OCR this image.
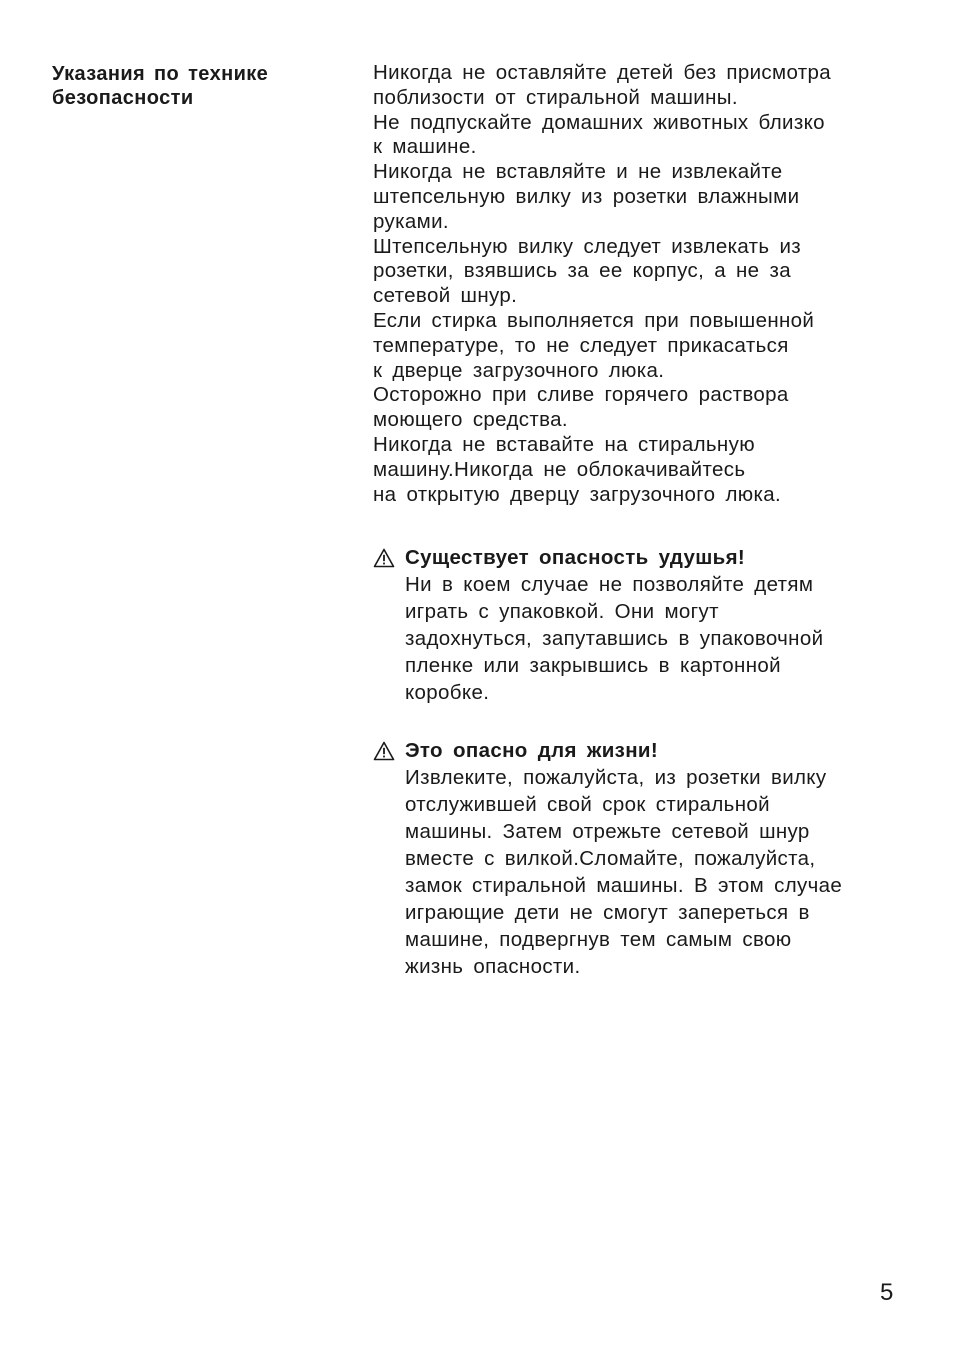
Указания по технике
безопасности
Никогда не оставляйте детей без присмотра
поблизости от стиральной машины.
Не подпускайте домашних животных близко
к машине.
Никогда не вставляйте и не извлекайте
штепсельную вилку из розетки влажными
руками.
Штепсельную вилку следует извлекать из
розетки, взявшись за ее корпус, а не за
сетевой шнур.
Если стирка выполняется при повышенной
температуре, то не следует прикасаться
к дверце загрузочного люка.
Осторожно при сливе горячего раствора
моющего средства.
Никогда не вставайте на стиральную
машину.Никогда не облокачивайтесь
на открытую дверцу загрузочного люка.
Существует опасность удушья!
Ни в коем случае не позволяйте детям
играть с упаковкой. Они могут
задохнуться, запутавшись в упаковочной
пленке или закрывшись в картонной
коробке.
Это опасно для жизни!
Извлеките, пожалуйста, из розетки вилку
отслужившей свой срок стиральной
машины. Затем отрежьте сетевой шнур
вместе с вилкой.Сломайте, пожалуйста,
замок стиральной машины. В этом случае
играющие дети не смогут запереться в
машине, подвергнув тем самым свою
жизнь опасности.
5
